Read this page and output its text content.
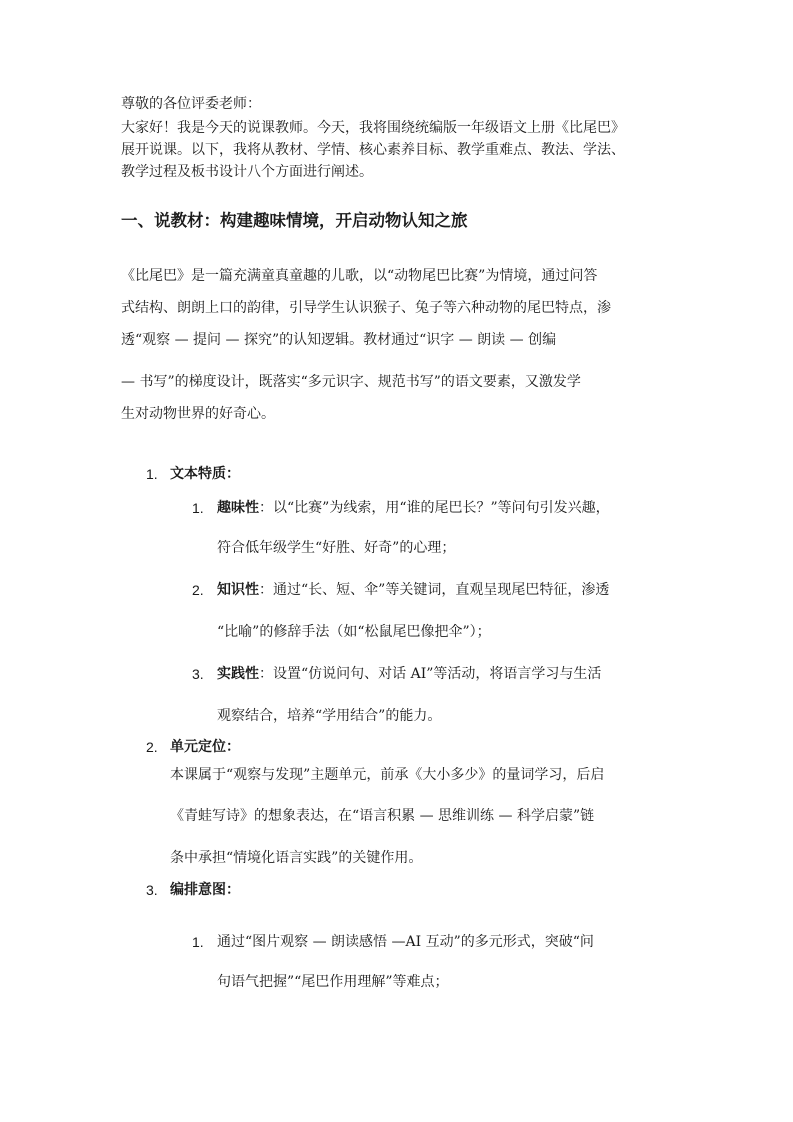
尊敬的各位评委老师：
大家好！我是今天的说课教师。今天，我将围绕统编版一年级语文上册《比尾巴》
展开说课。以下，我将从教材、学情、核心素养目标、教学重难点、教法、学法、
教学过程及板书设计八个方面进行阐述。
一、说教材：构建趣味情境，开启动物认知之旅
《比尾巴》是一篇充满童真童趣的儿歌，以“动物尾巴比赛”为情境，通过问答
式结构、朗朗上口的韵律，引导学生认识猴子、兔子等六种动物的尾巴特点，渗
透“观察 — 提问 — 探究”的认知逻辑。教材通过“识字 — 朗读 — 创编
— 书写”的梯度设计，既落实“多元识字、规范书写”的语文要素，又激发学
生对动物世界的好奇心。
1. 文本特质：
1. 趣味性：以“比赛”为线索，用“谁的尾巴长？”等问句引发兴趣，
符合低年级学生“好胜、好奇”的心理；
2. 知识性：通过“长、短、伞”等关键词，直观呈现尾巴特征，渗透
“比喻”的修辞手法（如“松鼠尾巴像把伞”）；
3. 实践性：设置“仿说问句、对话 AI”等活动，将语言学习与生活
观察结合，培养“学用结合”的能力。
2. 单元定位：
本课属于“观察与发现”主题单元，前承《大小多少》的量词学习，后启
《青蛙写诗》的想象表达，在“语言积累 — 思维训练 — 科学启蒙”链
条中承担“情境化语言实践”的关键作用。
3. 编排意图：
1. 通过“图片观察 — 朗读感悟 —AI 互动”的多元形式，突破“问
句语气把握”“尾巴作用理解”等难点；
